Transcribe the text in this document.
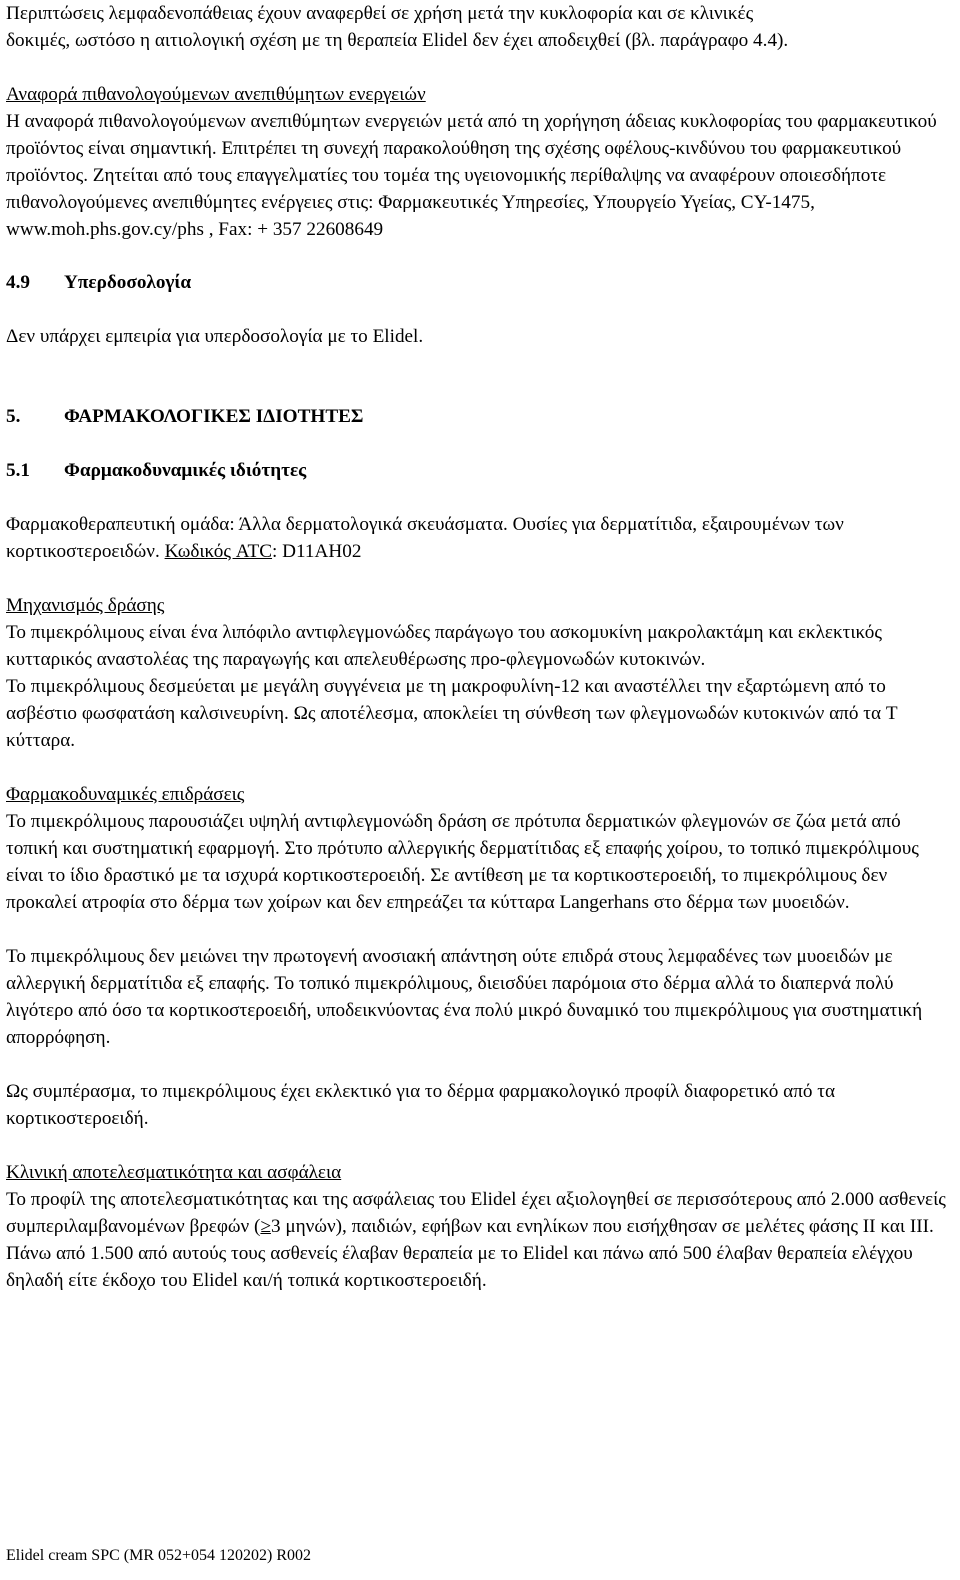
Περιπτώσεις λεμφαδενοπάθειας έχουν αναφερθεί σε χρήση μετά την κυκλοφορία και σε κλινικές

δοκιμές, ωστόσο η αιτιολογική σχέση με τη θεραπεία Elidel δεν έχει αποδειχθεί (βλ. παράγραφο 4.4).

Αναφορά πιθανολογούμενων ανεπιθύμητων ενεργειών

Η αναφορά πιθανολογούμενων ανεπιθύμητων ενεργειών μετά από τη χορήγηση άδειας κυκλοφορίας του φαρμακευτικού προϊόντος είναι σημαντική. Επιτρέπει τη συνεχή παρακολούθηση της σχέσης οφέλους-κινδύνου του φαρμακευτικού προϊόντος. Ζητείται από τους επαγγελματίες του τομέα της υγειονομικής περίθαλψης να αναφέρουν οποιεσδήποτε πιθανολογούμενες ανεπιθύμητες ενέργειες στις: Φαρμακευτικές Υπηρεσίες, Υπουργείο Υγείας, CY-1475, www.moh.phs.gov.cy/phs , Fax: + 357 22608649

4.9	Υπερδοσολογία

Δεν υπάρχει εμπειρία για υπερδοσολογία με το Elidel.

5.	ΦΑΡΜΑΚΟΛΟΓΙΚΕΣ ΙΔΙΟΤΗΤΕΣ
5.1	Φαρμακοδυναμικές ιδιότητες

Φαρμακοθεραπευτική ομάδα: Άλλα δερματολογικά σκευάσματα. Ουσίες για δερματίτιδα, εξαιρουμένων των κορτικοστεροειδών. Κωδικός ATC: D11AH02

Μηχανισμός δράσης

Το πιμεκρόλιμους είναι ένα λιπόφιλο αντιφλεγμονώδες παράγωγο του ασκομυκίνη μακρολακτάμη και εκλεκτικός κυτταρικός αναστολέας της παραγωγής και απελευθέρωσης προ-φλεγμονωδών κυτοκινών.

Το πιμεκρόλιμους δεσμεύεται με μεγάλη συγγένεια με τη μακροφυλίνη-12 και αναστέλλει την εξαρτώμενη από το ασβέστιο φωσφατάση καλσινευρίνη. Ως αποτέλεσμα, αποκλείει τη σύνθεση των φλεγμονωδών κυτοκινών από τα T κύτταρα.

Φαρμακοδυναμικές επιδράσεις

Το πιμεκρόλιμους παρουσιάζει υψηλή αντιφλεγμονώδη δράση σε πρότυπα δερματικών φλεγμονών σε ζώα μετά από τοπική και συστηματική εφαρμογή. Στο πρότυπο αλλεργικής δερματίτιδας εξ επαφής χοίρου, το τοπικό πιμεκρόλιμους είναι το ίδιο δραστικό με τα ισχυρά κορτικοστεροειδή. Σε αντίθεση με τα κορτικοστεροειδή, το πιμεκρόλιμους δεν προκαλεί ατροφία στο δέρμα των χοίρων και δεν επηρεάζει τα κύτταρα Langerhans στο δέρμα των μυοειδών.

Το πιμεκρόλιμους δεν μειώνει την πρωτογενή ανοσιακή απάντηση ούτε επιδρά στους λεμφαδένες των μυοειδών με αλλεργική δερματίτιδα εξ επαφής. Το τοπικό πιμεκρόλιμους, διεισδύει παρόμοια στο δέρμα αλλά το διαπερνά πολύ λιγότερο από όσο τα κορτικοστεροειδή, υποδεικνύοντας ένα πολύ μικρό δυναμικό του πιμεκρόλιμους για συστηματική απορρόφηση.

Ως συμπέρασμα, το πιμεκρόλιμους έχει εκλεκτικό για το δέρμα φαρμακολογικό προφίλ διαφορετικό από τα κορτικοστεροειδή.

Κλινική αποτελεσματικότητα και ασφάλεια

Το προφίλ της αποτελεσματικότητας και της ασφάλειας του Elidel έχει αξιολογηθεί σε περισσότερους από 2.000 ασθενείς συμπεριλαμβανομένων βρεφών (≥3 μηνών), παιδιών, εφήβων και ενηλίκων που εισήχθησαν σε μελέτες φάσης II και III. Πάνω από 1.500 από αυτούς τους ασθενείς έλαβαν θεραπεία με το Elidel και πάνω από 500 έλαβαν θεραπεία ελέγχου δηλαδή είτε έκδοχο του Elidel και/ή τοπικά κορτικοστεροειδή.

Elidel cream SPC (MR 052+054 120202) R002
